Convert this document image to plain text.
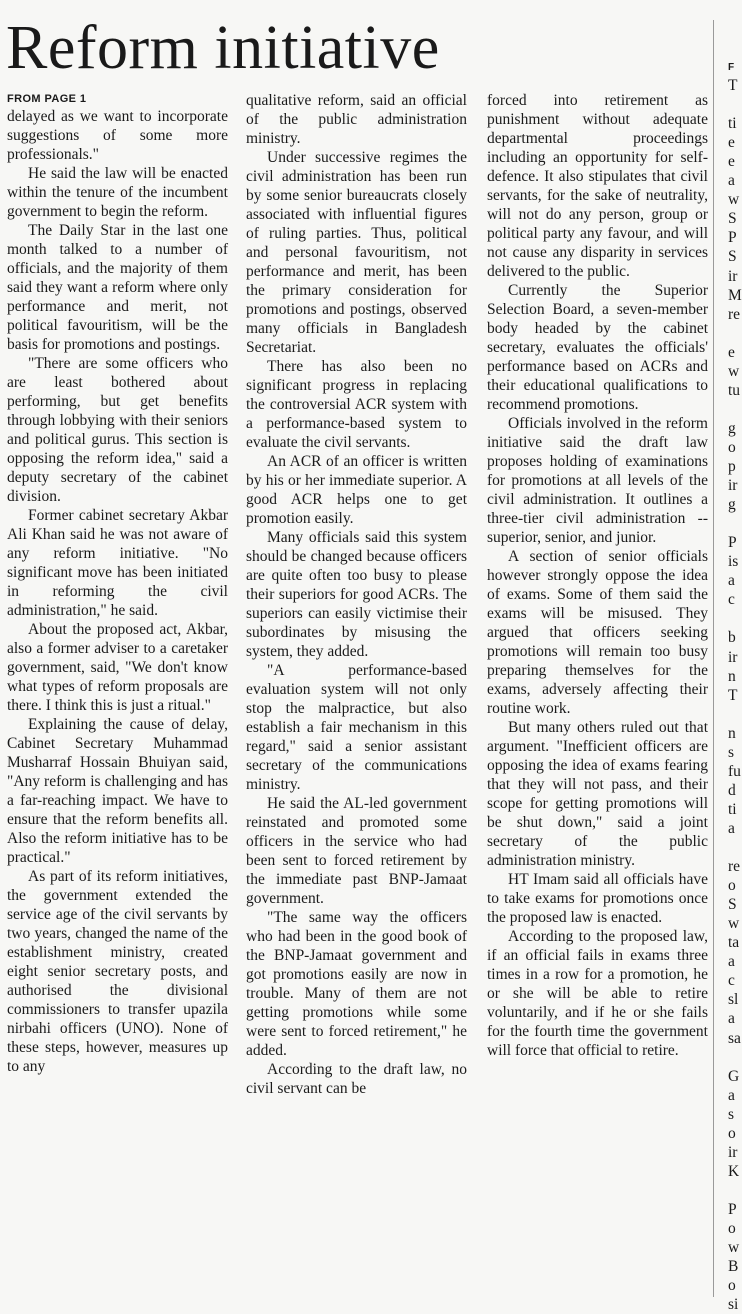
Reform initiative
FROM PAGE 1

delayed as we want to incorporate suggestions of some more professionals."

He said the law will be enacted within the tenure of the incumbent government to begin the reform.

The Daily Star in the last one month talked to a number of officials, and the majority of them said they want a reform where only performance and merit, not political favouritism, will be the basis for promotions and postings.

"There are some officers who are least bothered about performing, but get benefits through lobbying with their seniors and political gurus. This section is opposing the reform idea," said a deputy secretary of the cabinet division.

Former cabinet secretary Akbar Ali Khan said he was not aware of any reform initiative. "No significant move has been initiated in reforming the civil administration," he said.

About the proposed act, Akbar, also a former adviser to a caretaker government, said, "We don't know what types of reform proposals are there. I think this is just a ritual."

Explaining the cause of delay, Cabinet Secretary Muhammad Musharraf Hossain Bhuiyan said, "Any reform is challenging and has a far-reaching impact. We have to ensure that the reform benefits all. Also the reform initiative has to be practical."

As part of its reform initiatives, the government extended the service age of the civil servants by two years, changed the name of the establishment ministry, created eight senior secretary posts, and authorised the divisional commissioners to transfer upazila nirbahi officers (UNO). None of these steps, however, measures up to any

qualitative reform, said an official of the public administration ministry.

Under successive regimes the civil administration has been run by some senior bureaucrats closely associated with influential figures of ruling parties. Thus, political and personal favouritism, not performance and merit, has been the primary consideration for promotions and postings, observed many officials in Bangladesh Secretariat.

There has also been no significant progress in replacing the controversial ACR system with a performance-based system to evaluate the civil servants.

An ACR of an officer is written by his or her immediate superior. A good ACR helps one to get promotion easily.

Many officials said this system should be changed because officers are quite often too busy to please their superiors for good ACRs. The superiors can easily victimise their subordinates by misusing the system, they added.

"A performance-based evaluation system will not only stop the malpractice, but also establish a fair mechanism in this regard," said a senior assistant secretary of the communications ministry.

He said the AL-led government reinstated and promoted some officers in the service who had been sent to forced retirement by the immediate past BNP-Jamaat government.

"The same way the officers who had been in the good book of the BNP-Jamaat government and got promotions easily are now in trouble. Many of them are not getting promotions while some were sent to forced retirement," he added.

According to the draft law, no civil servant can be

forced into retirement as punishment without adequate departmental proceedings including an opportunity for self-defence. It also stipulates that civil servants, for the sake of neutrality, will not do any person, group or political party any favour, and will not cause any disparity in services delivered to the public.

Currently the Superior Selection Board, a seven-member body headed by the cabinet secretary, evaluates the officials' performance based on ACRs and their educational qualifications to recommend promotions.

Officials involved in the reform initiative said the draft law proposes holding of examinations for promotions at all levels of the civil administration. It outlines a three-tier civil administration -- superior, senior, and junior.

A section of senior officials however strongly oppose the idea of exams. Some of them said the exams will be misused. They argued that officers seeking promotions will remain too busy preparing themselves for the exams, adversely affecting their routine work.

But many others ruled out that argument. "Inefficient officers are opposing the idea of exams fearing that they will not pass, and their scope for getting promotions will be shut down," said a joint secretary of the public administration ministry.

HT Imam said all officials have to take exams for promotions once the proposed law is enacted.

According to the proposed law, if an official fails in exams three times in a row for a promotion, he or she will be able to retire voluntarily, and if he or she fails for the fourth time the government will force that official to retire.

F
T
ti
e
e
a
w
S
P
S
ir
M
re
e
w
tu
g
o
p
ir
g
P
is
a
c
b
ir
n
T
n
s
fu
d
ti
a
re
o
S
w
ta
a
c
sl
a
sa
G
a
s
o
ir
K
P
o
w
B
o
si
